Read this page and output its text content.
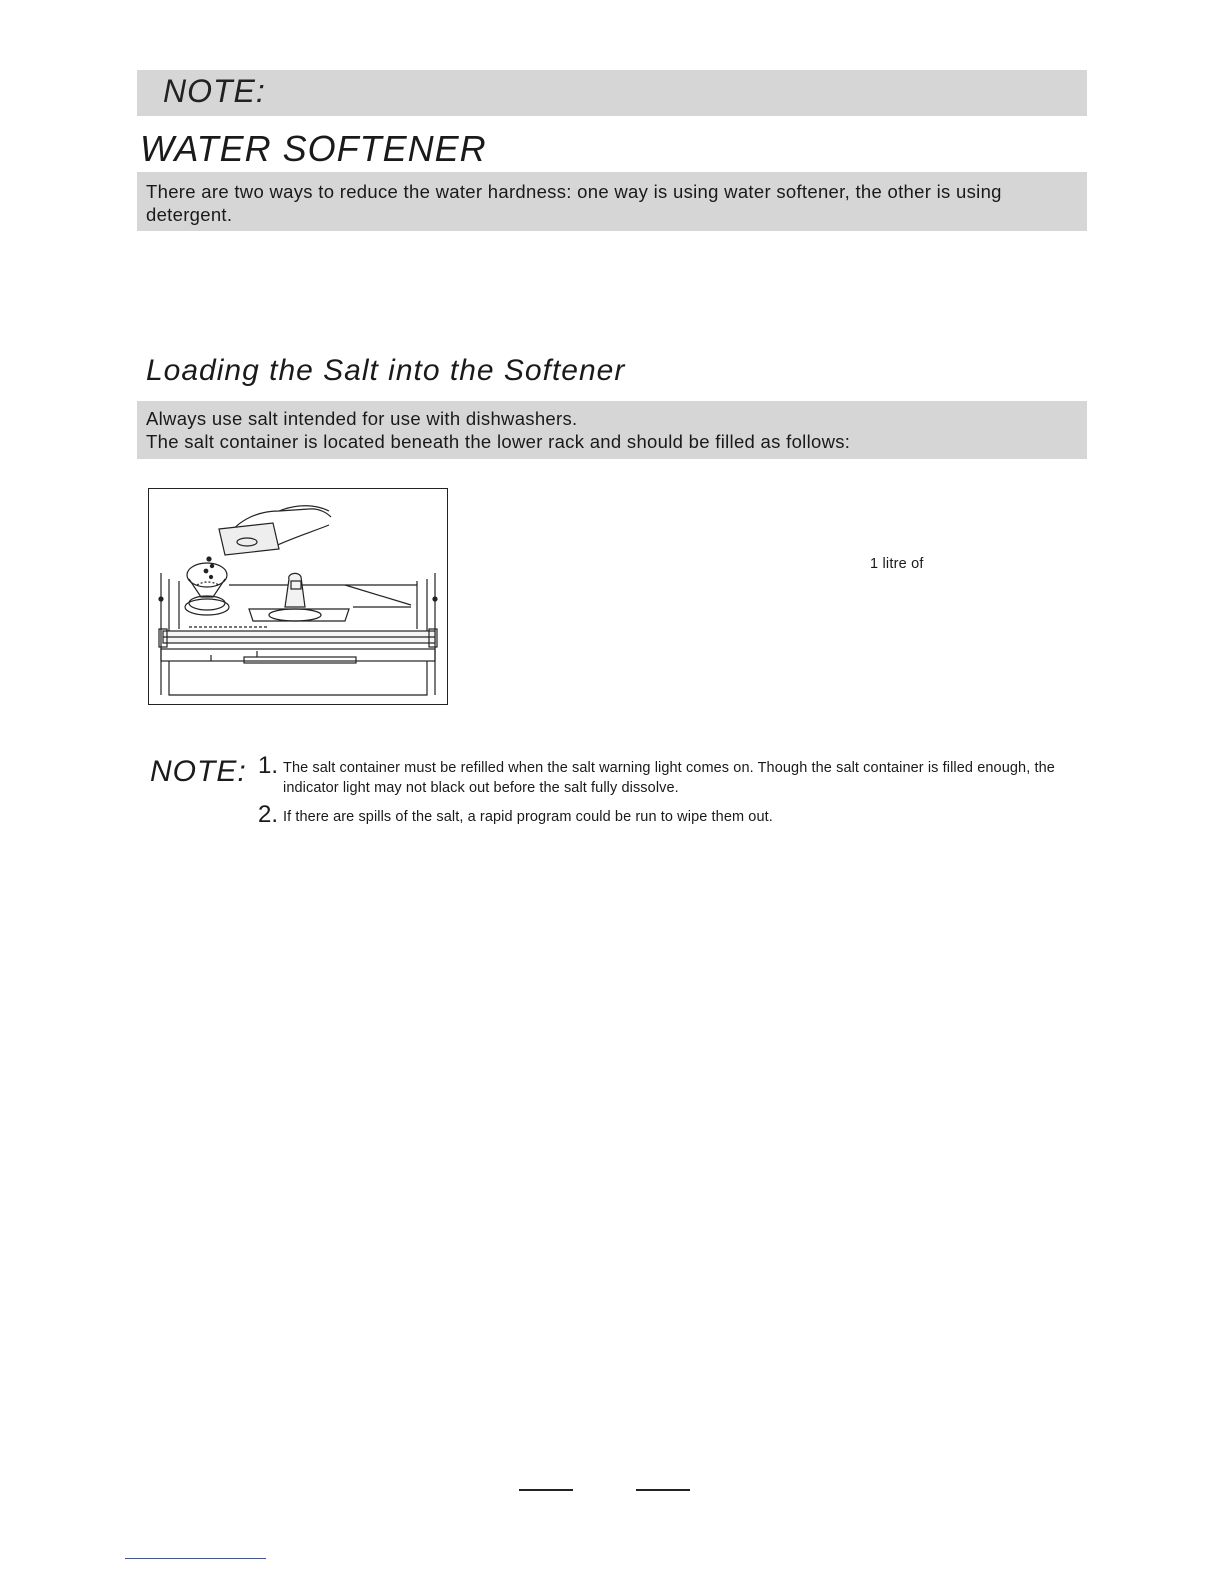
NOTE:
WATER SOFTENER
There are two ways to reduce the water hardness: one way is using water softener, the other is using detergent.
Loading the Salt into the Softener
Always use salt intended for use with dishwashers.
The salt container is located beneath the lower rack and should be filled as follows:
1 litre of
NOTE: 1. The salt container must be refilled when the salt warning light comes on. Though the salt container is filled enough, the indicator light may not black out before the salt fully dissolve.
2. If there are spills of the salt, a rapid program could be run to wipe them out.
